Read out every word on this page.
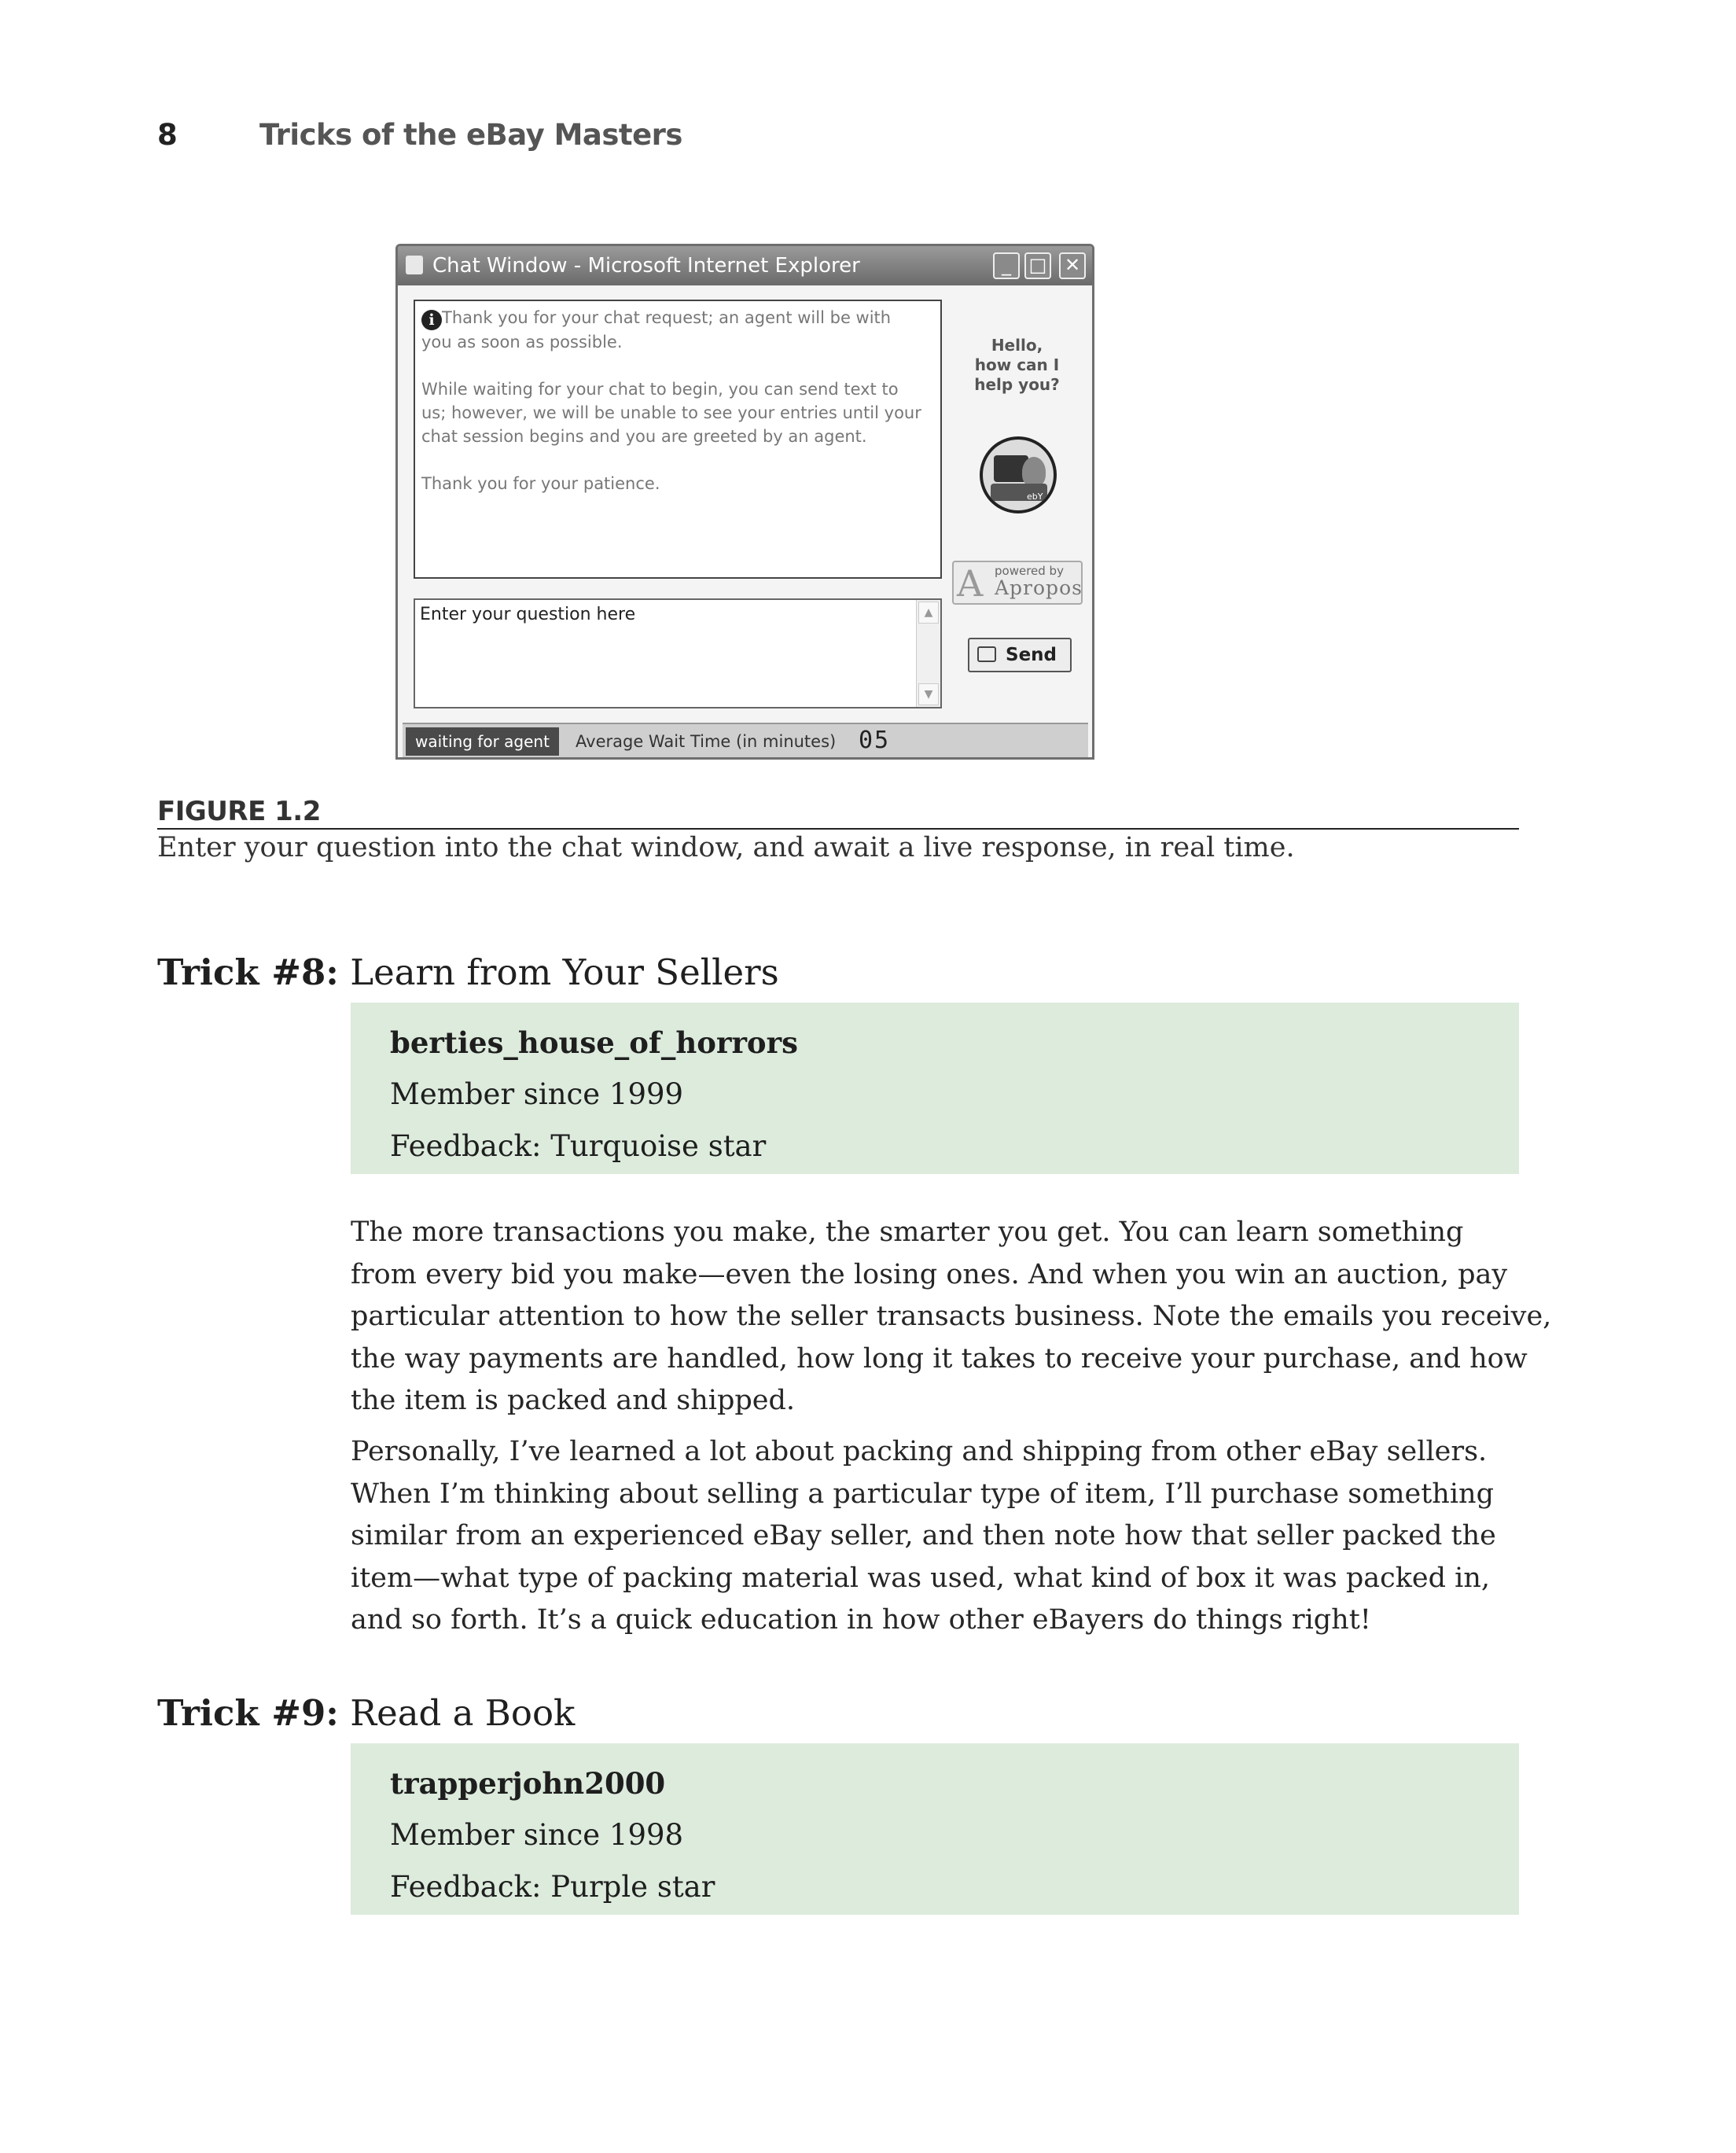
8	Tricks of the eBay Masters
Chat Window - Microsoft Internet Explorer	_ □ ✕

i Thank you for your chat request; an agent will be with
you as soon as possible.

While waiting for your chat to begin, you can send text to
us; however, we will be unable to see your entries until your
chat session begins and you are greeted by an agent.

Thank you for your patience.

Hello,
how can I
help you?
ebY
A powered by
Apropos
Enter your question here	▲
▼
Send
waiting for agent	Average Wait Time (in minutes) 05
FIGURE 1.2
Enter your question into the chat window, and await a live response, in real time.
Trick #8: Learn from Your Sellers
berties_house_of_horrors
Member since 1999
Feedback: Turquoise star
The more transactions you make, the smarter you get. You can learn something
from every bid you make—even the losing ones. And when you win an auction, pay
particular attention to how the seller transacts business. Note the emails you receive,
the way payments are handled, how long it takes to receive your purchase, and how
the item is packed and shipped.
Personally, I’ve learned a lot about packing and shipping from other eBay sellers.
When I’m thinking about selling a particular type of item, I’ll purchase something
similar from an experienced eBay seller, and then note how that seller packed the
item—what type of packing material was used, what kind of box it was packed in,
and so forth. It’s a quick education in how other eBayers do things right!
Trick #9: Read a Book
trapperjohn2000
Member since 1998
Feedback: Purple star
